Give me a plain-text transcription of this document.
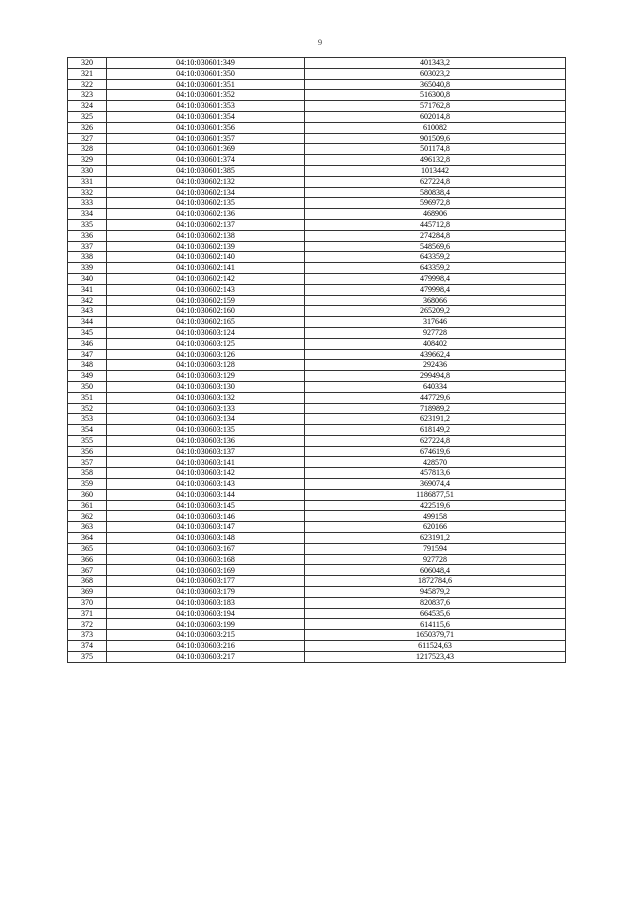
9
320	04:10:030601:349	401343,2
321	04:10:030601:350	603023,2
322	04:10:030601:351	365040,8
323	04:10:030601:352	516300,8
324	04:10:030601:353	571762,8
325	04:10:030601:354	602014,8
326	04:10:030601:356	610082
327	04:10:030601:357	901509,6
328	04:10:030601:369	501174,8
329	04:10:030601:374	496132,8
330	04:10:030601:385	1013442
331	04:10:030602:132	627224,8
332	04:10:030602:134	580838,4
333	04:10:030602:135	596972,8
334	04:10:030602:136	468906
335	04:10:030602:137	445712,8
336	04:10:030602:138	274284,8
337	04:10:030602:139	548569,6
338	04:10:030602:140	643359,2
339	04:10:030602:141	643359,2
340	04:10:030602:142	479998,4
341	04:10:030602:143	479998,4
342	04:10:030602:159	368066
343	04:10:030602:160	265209,2
344	04:10:030602:165	317646
345	04:10:030603:124	927728
346	04:10:030603:125	408402
347	04:10:030603:126	439662,4
348	04:10:030603:128	292436
349	04:10:030603:129	299494,8
350	04:10:030603:130	640334
351	04:10:030603:132	447729,6
352	04:10:030603:133	718989,2
353	04:10:030603:134	623191,2
354	04:10:030603:135	618149,2
355	04:10:030603:136	627224,8
356	04:10:030603:137	674619,6
357	04:10:030603:141	428570
358	04:10:030603:142	457813,6
359	04:10:030603:143	369074,4
360	04:10:030603:144	1186877,51
361	04:10:030603:145	422519,6
362	04:10:030603:146	499158
363	04:10:030603:147	620166
364	04:10:030603:148	623191,2
365	04:10:030603:167	791594
366	04:10:030603:168	927728
367	04:10:030603:169	606048,4
368	04:10:030603:177	1872784,6
369	04:10:030603:179	945879,2
370	04:10:030603:183	820837,6
371	04:10:030603:194	664535,6
372	04:10:030603:199	614115,6
373	04:10:030603:215	1650379,71
374	04:10:030603:216	611524,63
375	04:10:030603:217	1217523,43
